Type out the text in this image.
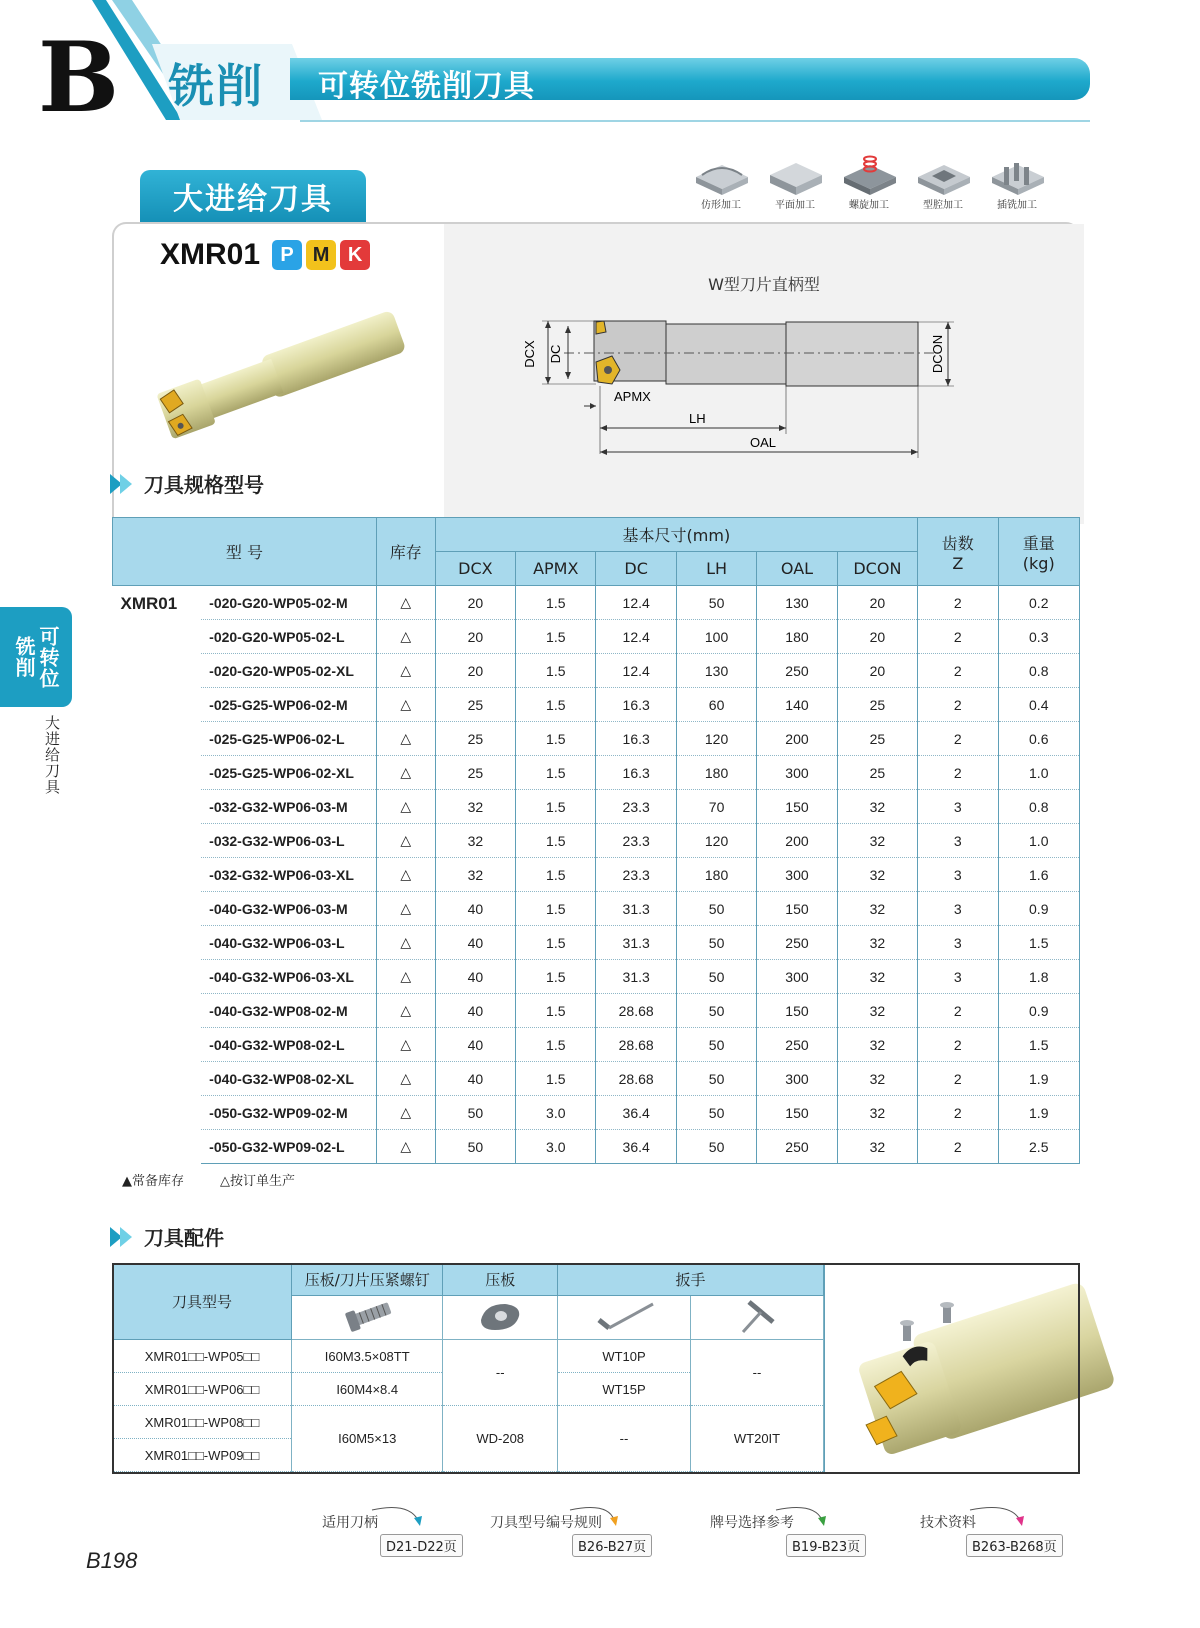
B 铣削 可转位铣削刀具
铣削 可转位
大进给刀具
大进给刀具	仿形加工	平面加工	螺旋加工	型腔加工	插铣加工
W型刀片直柄型
DCX DC	DCON
APMX
LH
OAL
XMR01	P M K
刀具规格型号
型 号		库存	基本尺寸(mm)						齿数
Z	重量
(kg)
			DCX	APMX	DC	LH	OAL	DCON		
XMR01	-020-G20-WP05-02-M	△	20	1.5	12.4	50	130	20	2	0.2
	-020-G20-WP05-02-L	△	20	1.5	12.4	100	180	20	2	0.3
	-020-G20-WP05-02-XL	△	20	1.5	12.4	130	250	20	2	0.8
	-025-G25-WP06-02-M	△	25	1.5	16.3	60	140	25	2	0.4
	-025-G25-WP06-02-L	△	25	1.5	16.3	120	200	25	2	0.6
	-025-G25-WP06-02-XL	△	25	1.5	16.3	180	300	25	2	1.0
	-032-G32-WP06-03-M	△	32	1.5	23.3	70	150	32	3	0.8
	-032-G32-WP06-03-L	△	32	1.5	23.3	120	200	32	3	1.0
	-032-G32-WP06-03-XL	△	32	1.5	23.3	180	300	32	3	1.6
	-040-G32-WP06-03-M	△	40	1.5	31.3	50	150	32	3	0.9
	-040-G32-WP06-03-L	△	40	1.5	31.3	50	250	32	3	1.5
	-040-G32-WP06-03-XL	△	40	1.5	31.3	50	300	32	3	1.8
	-040-G32-WP08-02-M	△	40	1.5	28.68	50	150	32	2	0.9
	-040-G32-WP08-02-L	△	40	1.5	28.68	50	250	32	2	1.5
	-040-G32-WP08-02-XL	△	40	1.5	28.68	50	300	32	2	1.9
	-050-G32-WP09-02-M	△	50	3.0	36.4	50	150	32	2	1.9
	-050-G32-WP09-02-L	△	50	3.0	36.4	50	250	32	2	2.5
▲常备库存	△按订单生产
刀具配件
刀具型号	压板/刀片压紧螺钉	压板	扳手	

XMR01□□-WP05□□	I60M3.5×08TT	--	WT10P	--
XMR01□□-WP06□□	I60M4×8.4		WT15P	
XMR01□□-WP08□□	I60M5×13	WD-208	--	WT20IT
XMR01□□-WP09□□				
适用刀柄
D21-D22页
刀具型号编号规则
B26-B27页
牌号选择参考
B19-B23页
技术资料
B263-B268页
B198
